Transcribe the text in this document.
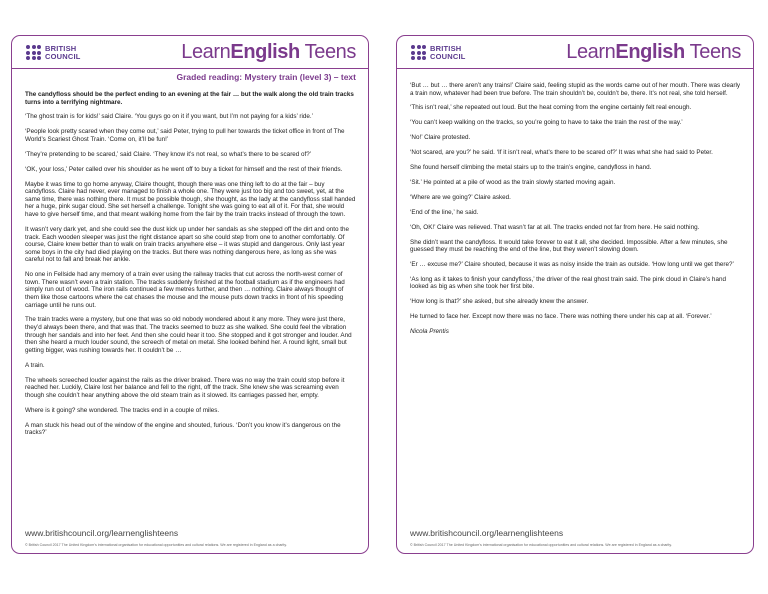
BRITISH
COUNCIL	LearnEnglish Teens
Graded reading: Mystery train (level 3) – text

The candyfloss should be the perfect ending to an evening at the fair … but the walk along the old train tracks turns into a terrifying nightmare.

‘The ghost train is for kids!’ said Claire. ‘You guys go on it if you want, but I’m not paying for a kids’ ride.’

‘People look pretty scared when they come out,’ said Peter, trying to pull her towards the ticket office in front of The World’s Scariest Ghost Train. ‘Come on, it’ll be fun!’

‘They’re pretending to be scared,’ said Claire. ‘They know it’s not real, so what’s there to be scared of?’

‘OK, your loss,’ Peter called over his shoulder as he went off to buy a ticket for himself and the rest of their friends.

Maybe it was time to go home anyway, Claire thought, though there was one thing left to do at the fair – buy candyfloss. Claire had never, ever managed to finish a whole one. They were just too big and too sweet, yet, at the same time, there was nothing there. It must be possible though, she thought, as the lady at the candyfloss stall handed her a huge, pink sugar cloud. She set herself a challenge. Tonight she was going to eat all of it. For that, she would have to give herself time, and that meant walking home from the fair by the train tracks instead of through the town.

It wasn’t very dark yet, and she could see the dust kick up under her sandals as she stepped off the dirt and onto the track. Each wooden sleeper was just the right distance apart so she could step from one to another comfortably. Of course, Claire knew better than to walk on train tracks anywhere else – it was stupid and dangerous. Only last year some boys in the city had died playing on the tracks. But there was nothing dangerous here, as long as she was careful not to fall and break her ankle.

No one in Fellside had any memory of a train ever using the railway tracks that cut across the north-west corner of town. There wasn’t even a train station. The tracks suddenly finished at the football stadium as if the engineers had simply run out of wood. The iron rails continued a few metres further, and then … nothing. Claire always thought of them like those cartoons where the cat chases the mouse and the mouse puts down tracks in front of his speeding carriage until he runs out.

The train tracks were a mystery, but one that was so old nobody wondered about it any more. They were just there, they’d always been there, and that was that. The tracks seemed to buzz as she walked. She could feel the vibration through her sandals and into her feet. And then she could hear it too. She stopped and it got stronger and louder. And then she heard a much louder sound, the screech of metal on metal. She looked behind her. A round light, small but getting bigger, was rushing towards her. It couldn’t be …

A train.

The wheels screeched louder against the rails as the driver braked. There was no way the train could stop before it reached her. Luckily, Claire lost her balance and fell to the right, off the track. She knew she was screaming even though she couldn’t hear anything above the old steam train as it slowed. Its carriages passed her, empty.

Where is it going? she wondered. The tracks end in a couple of miles.

A man stuck his head out of the window of the engine and shouted, furious. ‘Don’t you know it’s dangerous on the tracks?’

www.britishcouncil.org/learnenglishteens
© British Council 2017 The United Kingdom’s international organisation for educational opportunities and cultural relations. We are registered in England as a charity.
BRITISH
COUNCIL	LearnEnglish Teens

‘But … but … there aren’t any trains!’ Claire said, feeling stupid as the words came out of her mouth. There was clearly a train now, whatever had been true before. The train shouldn’t be, couldn’t be, there. It’s not real, she told herself.

‘This isn’t real,’ she repeated out loud. But the heat coming from the engine certainly felt real enough.

‘You can’t keep walking on the tracks, so you’re going to have to take the train the rest of the way.’

‘No!’ Claire protested.

‘Not scared, are you?’ he said. ‘If it isn’t real, what’s there to be scared of?’ It was what she had said to Peter.

She found herself climbing the metal stairs up to the train’s engine, candyfloss in hand.

‘Sit.’ He pointed at a pile of wood as the train slowly started moving again.

‘Where are we going?’ Claire asked.

‘End of the line,’ he said.

‘Oh, OK!’ Claire was relieved. That wasn’t far at all. The tracks ended not far from here. He said nothing.

She didn’t want the candyfloss. It would take forever to eat it all, she decided. Impossible. After a few minutes, she guessed they must be reaching the end of the line, but they weren’t slowing down.

‘Er … excuse me?’ Claire shouted, because it was as noisy inside the train as outside. ‘How long until we get there?’

‘As long as it takes to finish your candyfloss,’ the driver of the real ghost train said. The pink cloud in Claire’s hand looked as big as when she took her first bite.

‘How long is that?’ she asked, but she already knew the answer.

He turned to face her. Except now there was no face. There was nothing there under his cap at all. ‘Forever.’

Nicola Prentis

www.britishcouncil.org/learnenglishteens
© British Council 2017 The United Kingdom’s international organisation for educational opportunities and cultural relations. We are registered in England as a charity.
